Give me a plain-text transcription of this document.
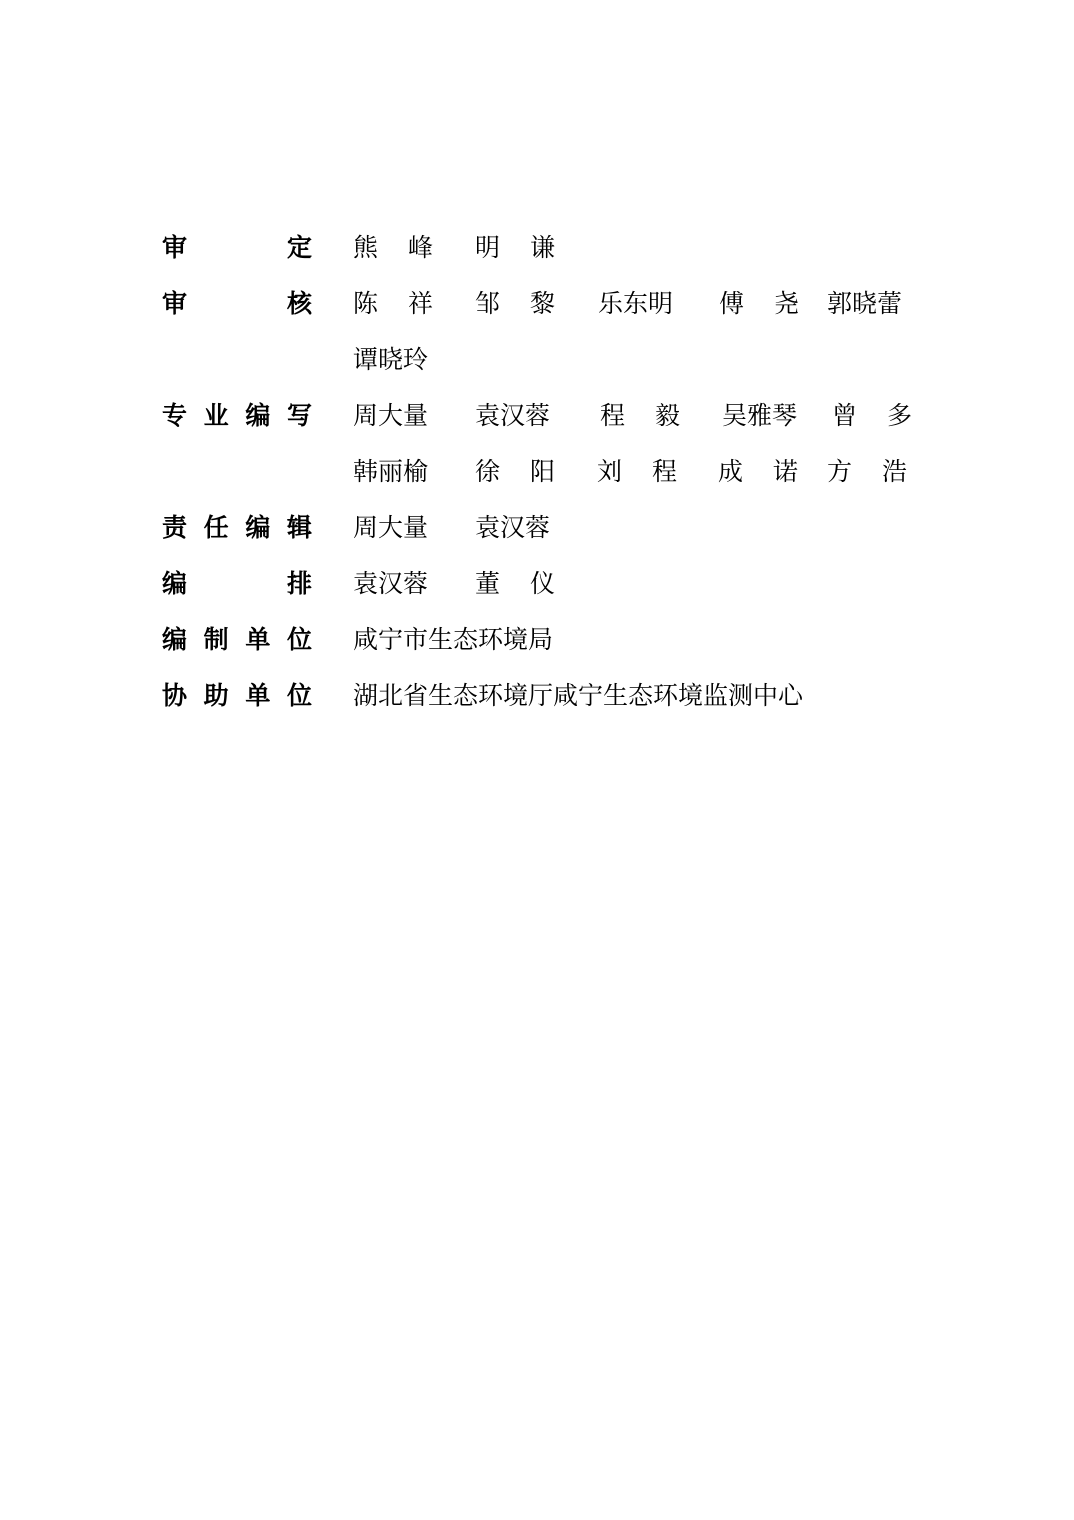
审	定 熊 峰 明 谦
审	核 陈 祥 邹 黎 乐东明 傅 尧 郭晓蕾
谭晓玲
专 业 编 写 周大量 袁汉蓉 程 毅 吴雅琴 曾 多
韩丽榆 徐 阳 刘 程 成 诺 方 浩
责 任 编 辑 周大量 袁汉蓉
编	排 袁汉蓉 董 仪
编 制 单 位 咸宁市生态环境局
协 助 单 位 湖北省生态环境厅咸宁生态环境监测中心
